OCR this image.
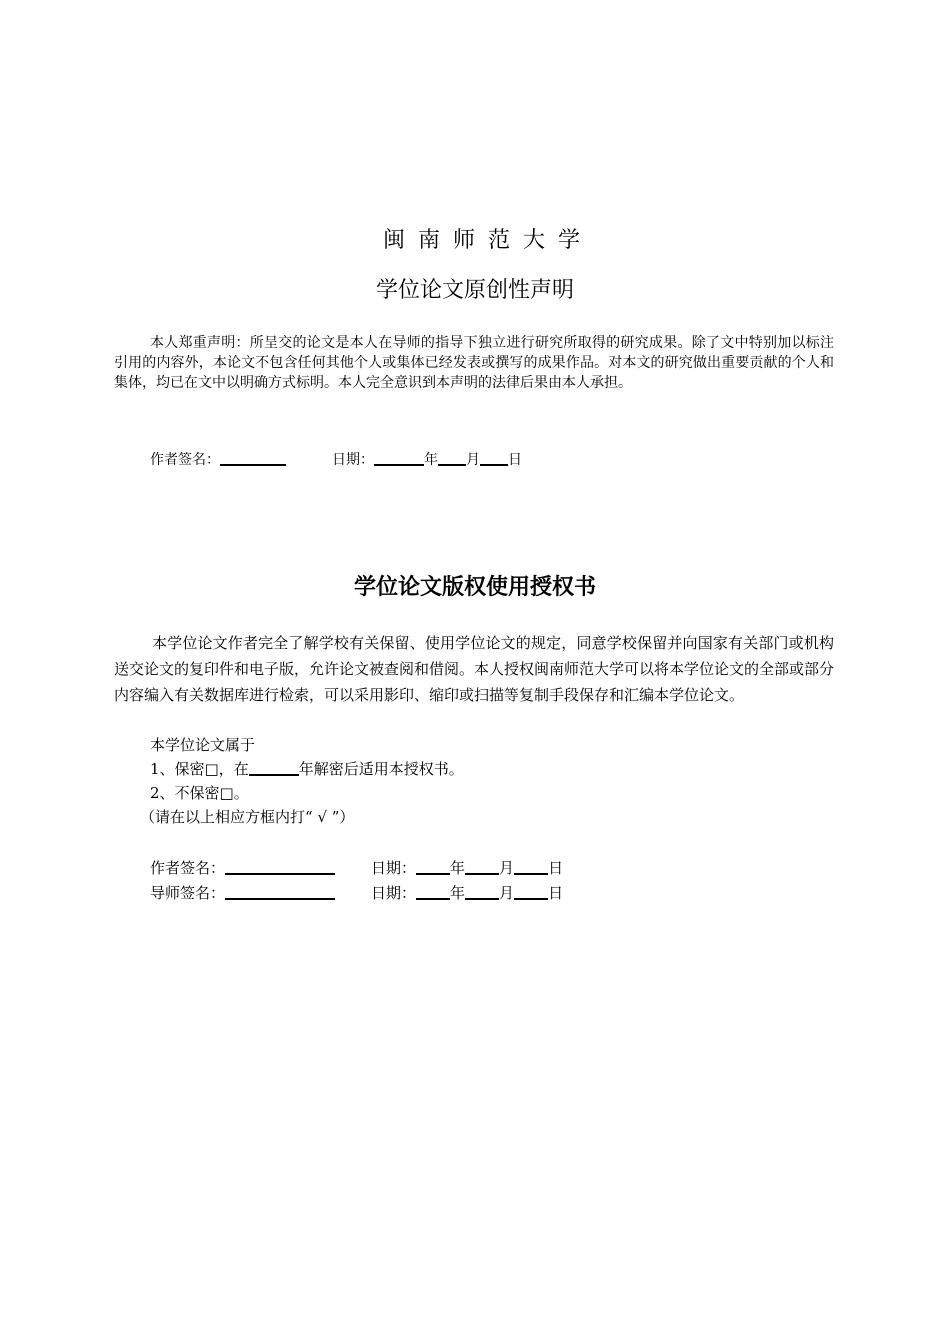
闽南师范大学
学位论文原创性声明

本人郑重声明：所呈交的论文是本人在导师的指导下独立进行研究所取得的研究成果。除了文中特别加以标注引用的内容外，本论文不包含任何其他个人或集体已经发表或撰写的成果作品。对本文的研究做出重要贡献的个人和集体，均已在文中以明确方式标明。本人完全意识到本声明的法律后果由本人承担。

作者签名：	日期：	年 月 日
学位论文版权使用授权书

本学位论文作者完全了解学校有关保留、使用学位论文的规定，同意学校保留并向国家有关部门或机构送交论文的复印件和电子版，允许论文被查阅和借阅。本人授权闽南师范大学可以将本学位论文的全部或部分内容编入有关数据库进行检索，可以采用影印、缩印或扫描等复制手段保存和汇编本学位论文。

本学位论文属于
1、保密□，在	年解密后适用本授权书。
2、不保密□。
（请在以上相应方框内打“ √ ”）
作者签名：	日期： 年 月 日
导师签名：	日期： 年 月 日
